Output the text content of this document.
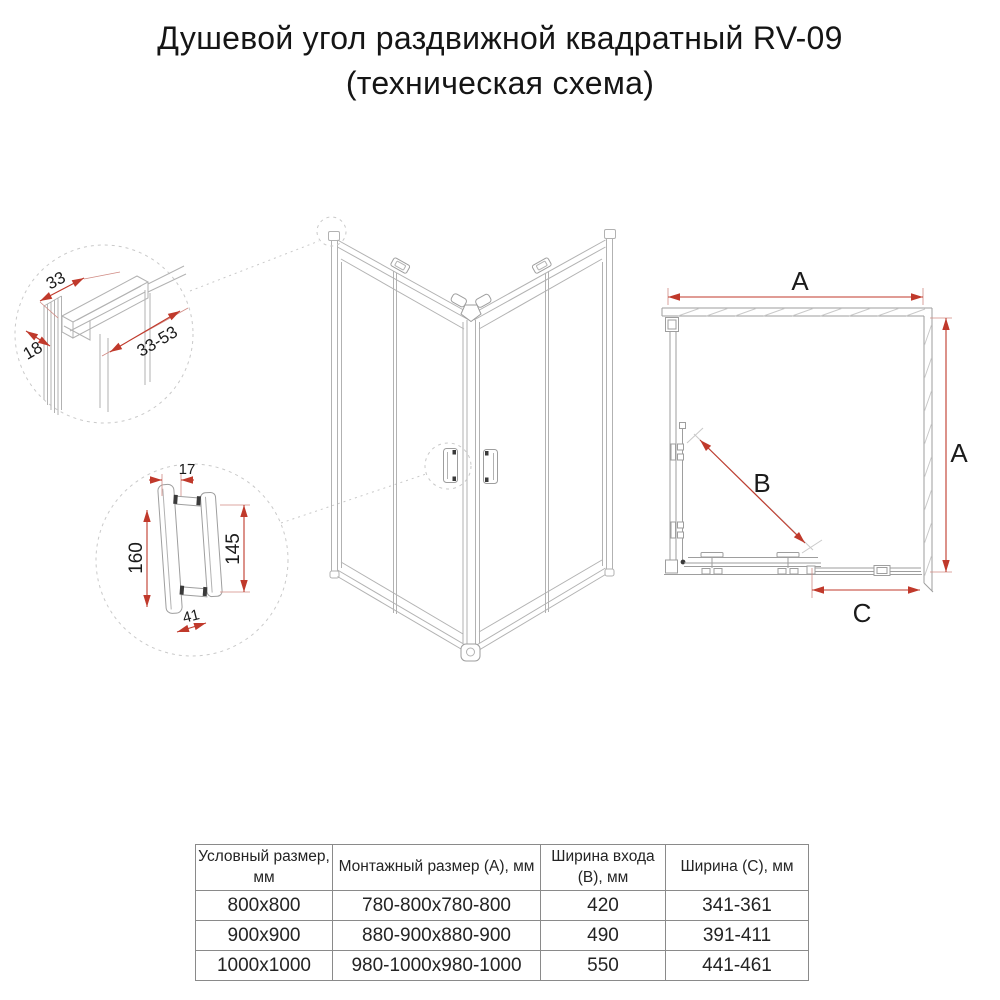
Душевой угол раздвижной квадратный RV-09
(техническая схема)
33
18	33-53
17
160	145
41
A
A
B
C
Условный размер, мм	Монтажный размер (А), мм	Ширина входа (В), мм	Ширина (С), мм
800x800	780-800x780-800	420	341-361
900x900	880-900x880-900	490	391-411
1000x1000	980-1000x980-1000	550	441-461
